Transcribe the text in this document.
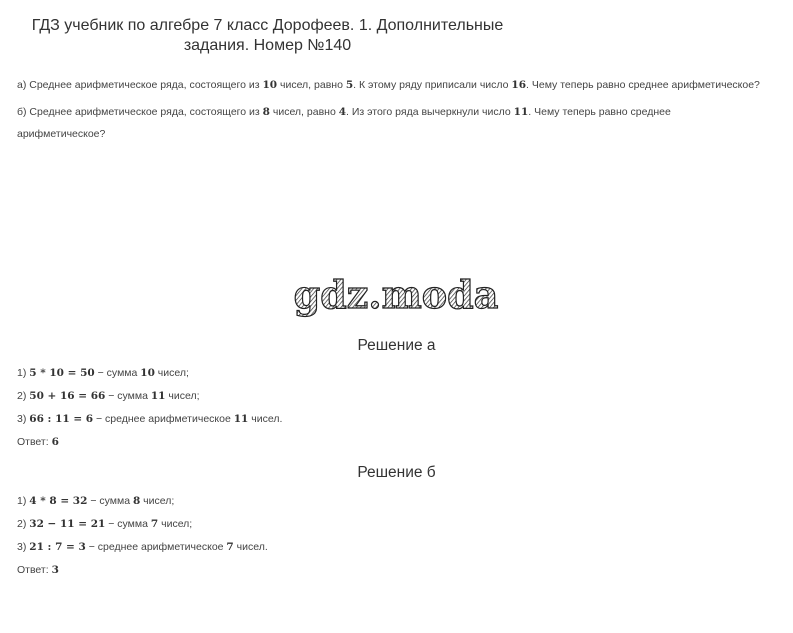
ГДЗ учебник по алгебре 7 класс Дорофеев. 1. Дополнительные
задания. Номер №140

а) Среднее арифметическое ряда, состоящего из 10 чисел, равно 5. К этому ряду приписали число 16. Чему теперь равно среднее арифметическое?

б) Среднее арифметическое ряда, состоящего из 8 чисел, равно 4. Из этого ряда вычеркнули число 11. Чему теперь равно среднее арифметическое?

gdz.moda
Решение а

1) 5 * 10 = 50 − сумма 10 чисел;

2) 50 + 16 = 66 − сумма 11 чисел;

3) 66 : 11 = 6 − среднее арифметическое 11 чисел.

Ответ: 6

Решение б

1) 4 * 8 = 32 − сумма 8 чисел;

2) 32 − 11 = 21 − сумма 7 чисел;

3) 21 : 7 = 3 − среднее арифметическое 7 чисел.

Ответ: 3
